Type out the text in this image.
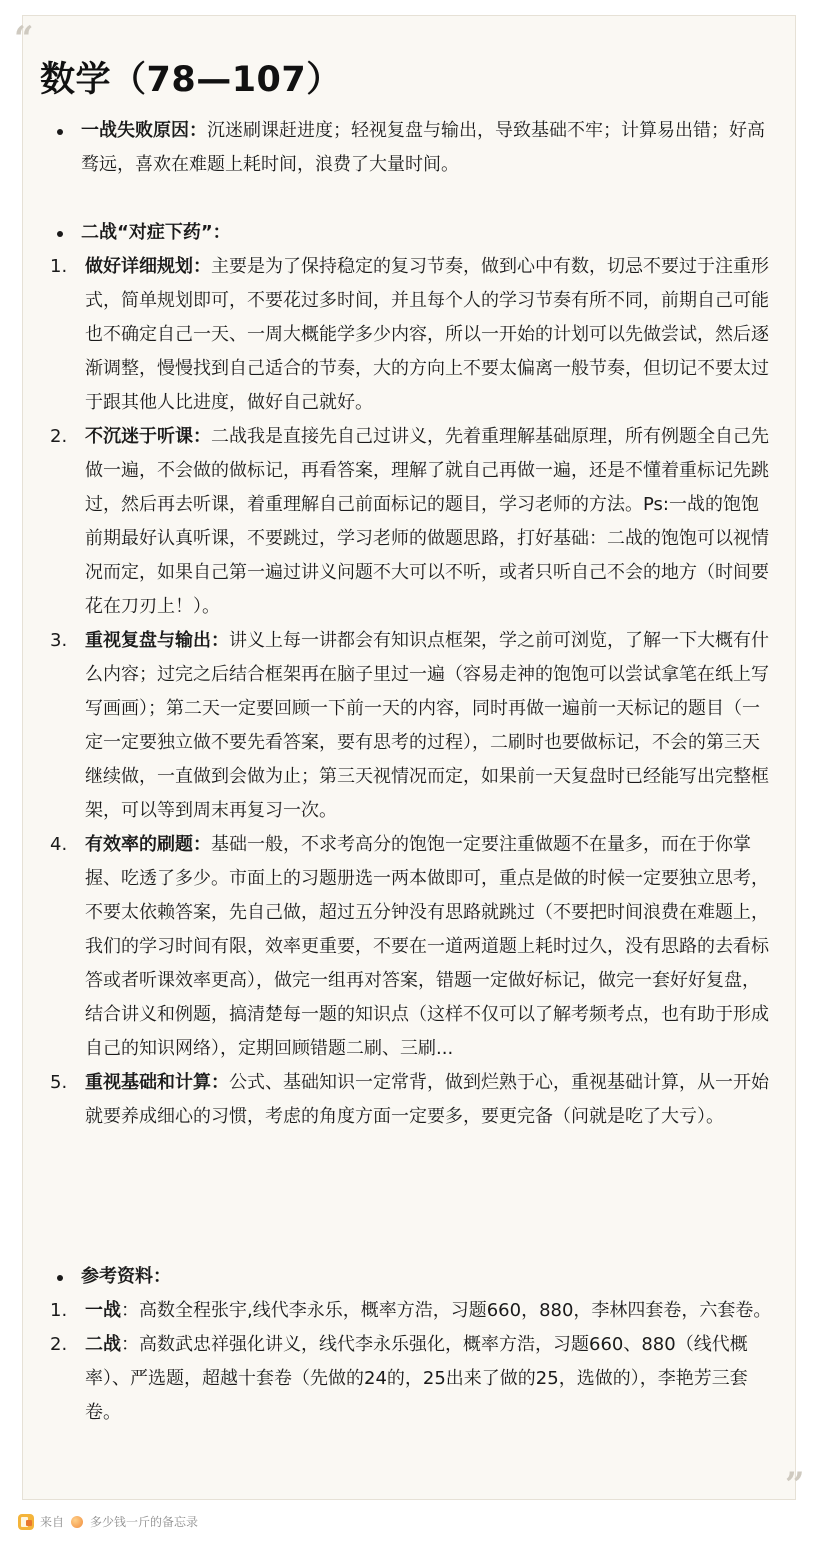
“
”
数学（78—107）
一战失败原因：沉迷刷课赶进度；轻视复盘与输出，导致基础不牢；计算易出错；好高骛远，喜欢在难题上耗时间，浪费了大量时间。
二战“对症下药”：
1. 做好详细规划：主要是为了保持稳定的复习节奏，做到心中有数，切忌不要过于注重形式，简单规划即可，不要花过多时间，并且每个人的学习节奏有所不同，前期自己可能也不确定自己一天、一周大概能学多少内容，所以一开始的计划可以先做尝试，然后逐渐调整，慢慢找到自己适合的节奏，大的方向上不要太偏离一般节奏，但切记不要太过于跟其他人比进度，做好自己就好。
2. 不沉迷于听课：二战我是直接先自己过讲义，先着重理解基础原理，所有例题全自己先做一遍，不会做的做标记，再看答案，理解了就自己再做一遍，还是不懂着重标记先跳过，然后再去听课，着重理解自己前面标记的题目，学习老师的方法。Ps:一战的饱饱前期最好认真听课，不要跳过，学习老师的做题思路，打好基础：二战的饱饱可以视情况而定，如果自己第一遍过讲义问题不大可以不听，或者只听自己不会的地方（时间要花在刀刃上！）。
3. 重视复盘与输出：讲义上每一讲都会有知识点框架，学之前可浏览，了解一下大概有什么内容；过完之后结合框架再在脑子里过一遍（容易走神的饱饱可以尝试拿笔在纸上写写画画）；第二天一定要回顾一下前一天的内容，同时再做一遍前一天标记的题目（一定一定要独立做不要先看答案，要有思考的过程），二刷时也要做标记，不会的第三天继续做，一直做到会做为止；第三天视情况而定，如果前一天复盘时已经能写出完整框架，可以等到周末再复习一次。
4. 有效率的刷题：基础一般，不求考高分的饱饱一定要注重做题不在量多，而在于你掌握、吃透了多少。市面上的习题册选一两本做即可，重点是做的时候一定要独立思考，不要太依赖答案，先自己做，超过五分钟没有思路就跳过（不要把时间浪费在难题上，我们的学习时间有限，效率更重要，不要在一道两道题上耗时过久，没有思路的去看标答或者听课效率更高），做完一组再对答案，错题一定做好标记，做完一套好好复盘，结合讲义和例题，搞清楚每一题的知识点（这样不仅可以了解考频考点，也有助于形成自己的知识网络），定期回顾错题二刷、三刷...
5. 重视基础和计算：公式、基础知识一定常背，做到烂熟于心，重视基础计算，从一开始就要养成细心的习惯，考虑的角度方面一定要多，要更完备（问就是吃了大亏）。
参考资料：
1. 一战：高数全程张宇,线代李永乐，概率方浩，习题660，880，李林四套卷，六套卷。
2. 二战：高数武忠祥强化讲义，线代李永乐强化，概率方浩，习题660、880（线代概率）、严选题，超越十套卷（先做的24的，25出来了做的25，选做的），李艳芳三套卷。
来自 多少钱一斤的备忘录
